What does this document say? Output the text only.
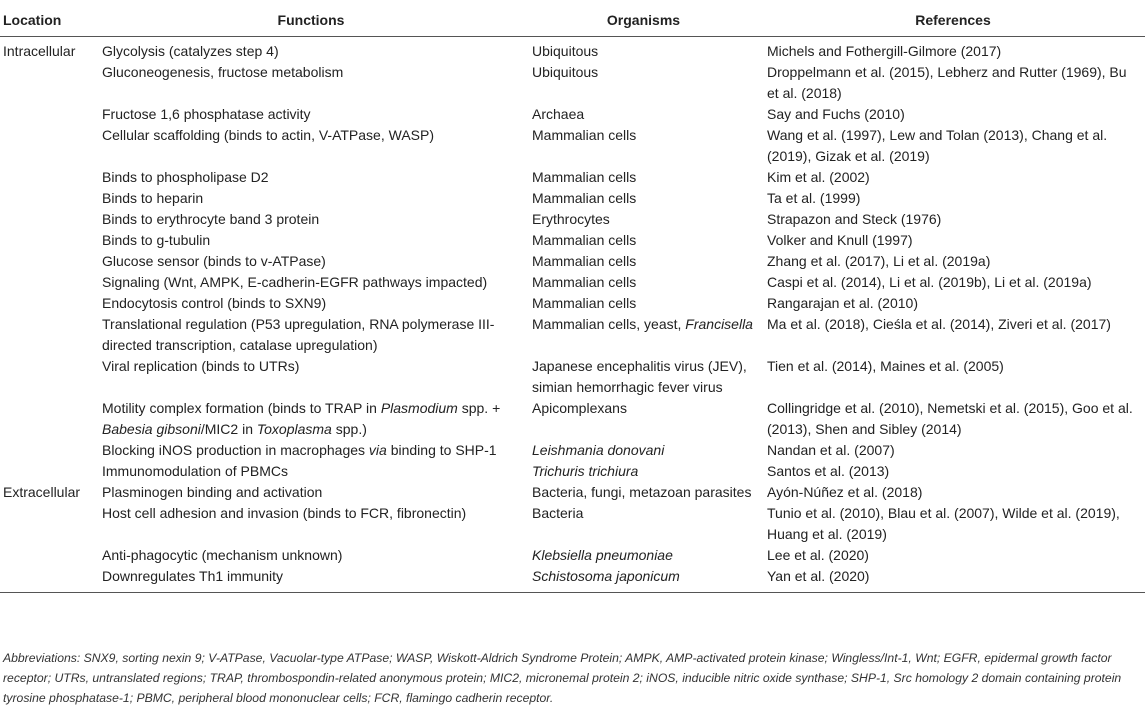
Location	Functions	Organisms	References
Intracellular	Glycolysis (catalyzes step 4)	Ubiquitous	Michels and Fothergill-Gilmore (2017)
	Gluconeogenesis, fructose metabolism	Ubiquitous	Droppelmann et al. (2015), Lebherz and Rutter (1969), Bu et al. (2018)
	Fructose 1,6 phosphatase activity	Archaea	Say and Fuchs (2010)
	Cellular scaffolding (binds to actin, V-ATPase, WASP)	Mammalian cells	Wang et al. (1997), Lew and Tolan (2013), Chang et al. (2019), Gizak et al. (2019)
	Binds to phospholipase D2	Mammalian cells	Kim et al. (2002)
	Binds to heparin	Mammalian cells	Ta et al. (1999)
	Binds to erythrocyte band 3 protein	Erythrocytes	Strapazon and Steck (1976)
	Binds to g-tubulin	Mammalian cells	Volker and Knull (1997)
	Glucose sensor (binds to v-ATPase)	Mammalian cells	Zhang et al. (2017), Li et al. (2019a)
	Signaling (Wnt, AMPK, E-cadherin-EGFR pathways impacted)	Mammalian cells	Caspi et al. (2014), Li et al. (2019b), Li et al. (2019a)
	Endocytosis control (binds to SXN9)	Mammalian cells	Rangarajan et al. (2010)
	Translational regulation (P53 upregulation, RNA polymerase III-directed transcription, catalase upregulation)	Mammalian cells, yeast, Francisella	Ma et al. (2018), Cieśla et al. (2014), Ziveri et al. (2017)
	Viral replication (binds to UTRs)	Japanese encephalitis virus (JEV), simian hemorrhagic fever virus	Tien et al. (2014), Maines et al. (2005)
	Motility complex formation (binds to TRAP in Plasmodium spp. + Babesia gibsoni/MIC2 in Toxoplasma spp.)	Apicomplexans	Collingridge et al. (2010), Nemetski et al. (2015), Goo et al. (2013), Shen and Sibley (2014)
	Blocking iNOS production in macrophages via binding to SHP-1	Leishmania donovani	Nandan et al. (2007)
	Immunomodulation of PBMCs	Trichuris trichiura	Santos et al. (2013)
Extracellular	Plasminogen binding and activation	Bacteria, fungi, metazoan parasites	Ayón-Núñez et al. (2018)
	Host cell adhesion and invasion (binds to FCR, fibronectin)	Bacteria	Tunio et al. (2010), Blau et al. (2007), Wilde et al. (2019), Huang et al. (2019)
	Anti-phagocytic (mechanism unknown)	Klebsiella pneumoniae	Lee et al. (2020)
	Downregulates Th1 immunity	Schistosoma japonicum	Yan et al. (2020)
Abbreviations: SNX9, sorting nexin 9; V-ATPase, Vacuolar-type ATPase; WASP, Wiskott-Aldrich Syndrome Protein; AMPK, AMP-activated protein kinase; Wingless/Int-1, Wnt; EGFR, epidermal growth factor receptor; UTRs, untranslated regions; TRAP, thrombospondin-related anonymous protein; MIC2, micronemal protein 2; iNOS, inducible nitric oxide synthase; SHP-1, Src homology 2 domain containing protein tyrosine phosphatase-1; PBMC, peripheral blood mononuclear cells; FCR, flamingo cadherin receptor.
